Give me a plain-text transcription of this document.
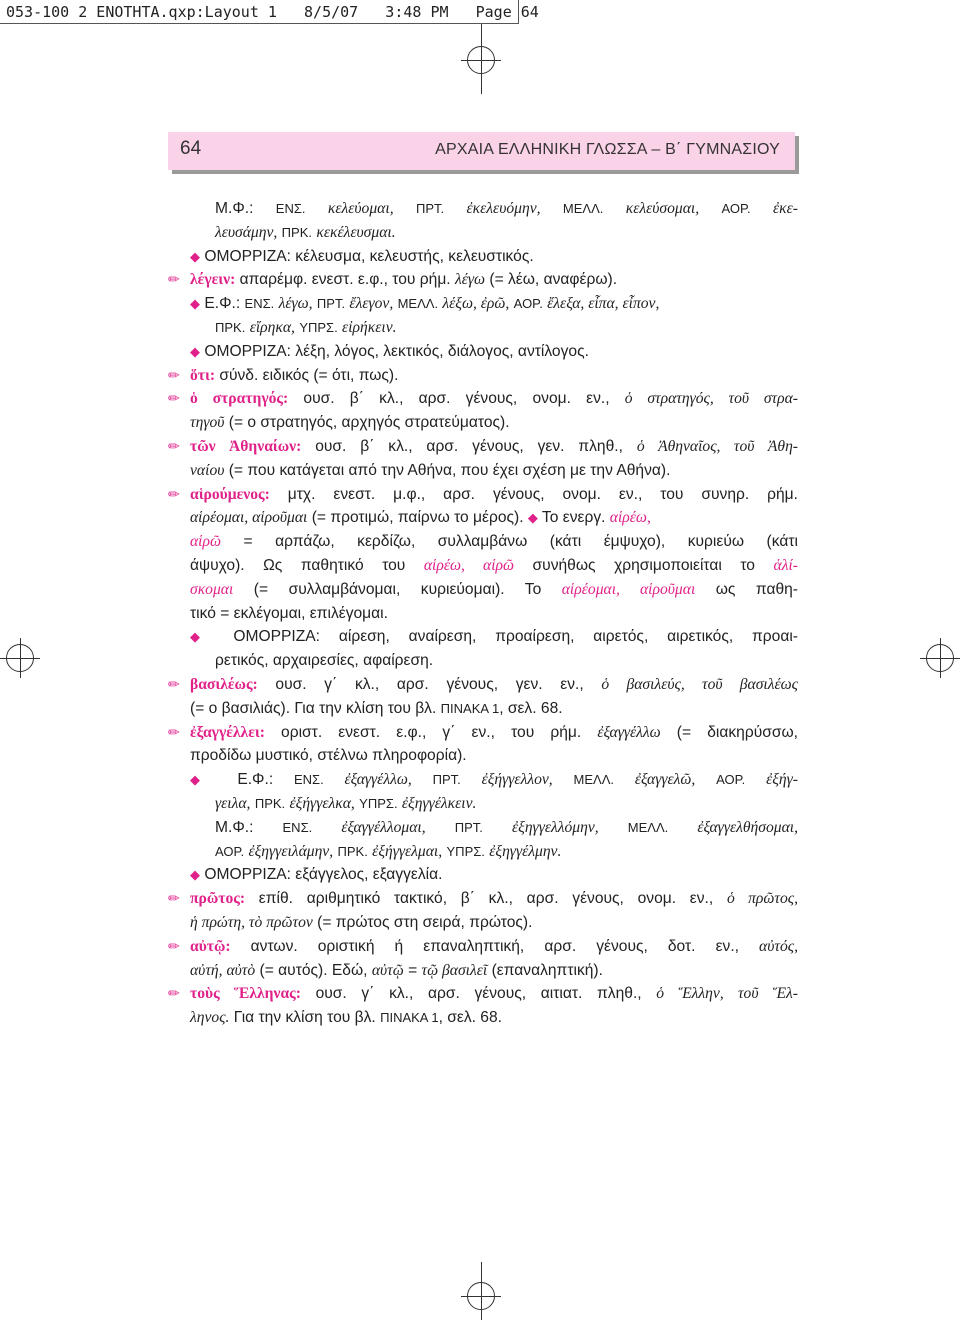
053-100 2 ENOTHTA.qxp:Layout 1   8/5/07   3:48 PM   Page 64
64	ΑΡΧΑΙΑ ΕΛΛΗΝΙΚΗ ΓΛΩΣΣΑ – Β΄ ΓΥΜΝΑΣΙΟΥ
Μ.Φ.: ΕΝΣ. κελεύομαι, ΠΡΤ. ἐκελευόμην, ΜΕΛΛ. κελεύσομαι, ΑΟΡ. ἐκε-
λευσάμην, ΠΡΚ. κεκέλευσμαι.
◆ ΟΜΟΡΡΙΖΑ: κέλευσμα, κελευστής, κελευστικός.
✏ λέγειν: απαρέμφ. ενεστ. ε.φ., του ρήμ. λέγω (= λέω, αναφέρω).
◆ Ε.Φ.: ΕΝΣ. λέγω, ΠΡΤ. ἔλεγον, ΜΕΛΛ. λέξω, ἐρῶ, ΑΟΡ. ἔλεξα, εἶπα, εἶπον,
ΠΡΚ. εἴρηκα, ΥΠΡΣ. εἰρήκειν.
◆ ΟΜΟΡΡΙΖΑ: λέξη, λόγος, λεκτικός, διάλογος, αντίλογος.
✏ ὅτι: σύνδ. ειδικός (= ότι, πως).
✏ ὁ στρατηγός: ουσ. β΄ κλ., αρσ. γένους, ονομ. εν., ὁ στρατηγός, τοῦ στρα-
τηγοῦ (= ο στρατηγός, αρχηγός στρατεύματος).
✏ τῶν Ἀθηναίων: ουσ. β΄ κλ., αρσ. γένους, γεν. πληθ., ὁ Ἀθηναῖος, τοῦ Ἀθη-
ναίου (= που κατάγεται από την Αθήνα, που έχει σχέση με την Αθήνα).
✏ αἱρούμενος: μτχ. ενεστ. μ.φ., αρσ. γένους, ονομ. εν., του συνηρ. ρήμ.
αἱρέομαι, αἱροῦμαι (= προτιμώ, παίρνω το μέρος). ◆ Το ενεργ. αἱρέω,
αἱρῶ = αρπάζω, κερδίζω, συλλαμβάνω (κάτι έμψυχο), κυριεύω (κάτι
άψυχο). Ως παθητικό του αἱρέω, αἱρῶ συνήθως χρησιμοποιείται το ἁλί-
σκομαι (= συλλαμβάνομαι, κυριεύομαι). Το αἱρέομαι, αἱροῦμαι ως παθη-
τικό = εκλέγομαι, επιλέγομαι.
◆ ΟΜΟΡΡΙΖΑ: αίρεση, αναίρεση, προαίρεση, αιρετός, αιρετικός, προαι-
ρετικός, αρχαιρεσίες, αφαίρεση.
✏ βασιλέως: ουσ. γ΄ κλ., αρσ. γένους, γεν. εν., ὁ βασιλεύς, τοῦ βασιλέως
(= ο βασιλιάς). Για την κλίση του βλ. ΠΙΝΑΚΑ 1, σελ. 68.
✏ ἐξαγγέλλει: οριστ. ενεστ. ε.φ., γ΄ εν., του ρήμ. ἐξαγγέλλω (= διακηρύσσω,
προδίδω μυστικό, στέλνω πληροφορία).
◆ Ε.Φ.: ΕΝΣ. ἐξαγγέλλω, ΠΡΤ. ἐξήγγελλον, ΜΕΛΛ. ἐξαγγελῶ, ΑΟΡ. ἐξήγ-
γειλα, ΠΡΚ. ἐξήγγελκα, ΥΠΡΣ. ἐξηγγέλκειν.
Μ.Φ.: ΕΝΣ. ἐξαγγέλλομαι, ΠΡΤ. ἐξηγγελλόμην, ΜΕΛΛ. ἐξαγγελθήσομαι,
ΑΟΡ. ἐξηγγειλάμην, ΠΡΚ. ἐξήγγελμαι, ΥΠΡΣ. ἐξηγγέλμην.
◆ ΟΜΟΡΡΙΖΑ: εξάγγελος, εξαγγελία.
✏ πρῶτος: επίθ. αριθμητικό τακτικό, β΄ κλ., αρσ. γένους, ονομ. εν., ὁ πρῶτος,
ἡ πρώτη, τὸ πρῶτον (= πρώτος στη σειρά, πρώτος).
✏ αὐτῷ: αντων. οριστική ή επαναληπτική, αρσ. γένους, δοτ. εν., αὐτός,
αὐτή, αὐτὸ (= αυτός). Εδώ, αὐτῷ = τῷ βασιλεῖ (επαναληπτική).
✏ τοὺς Ἕλληνας: ουσ. γ΄ κλ., αρσ. γένους, αιτιατ. πληθ., ὁ Ἕλλην, τοῦ Ἕλ-
ληνος. Για την κλίση του βλ. ΠΙΝΑΚΑ 1, σελ. 68.
